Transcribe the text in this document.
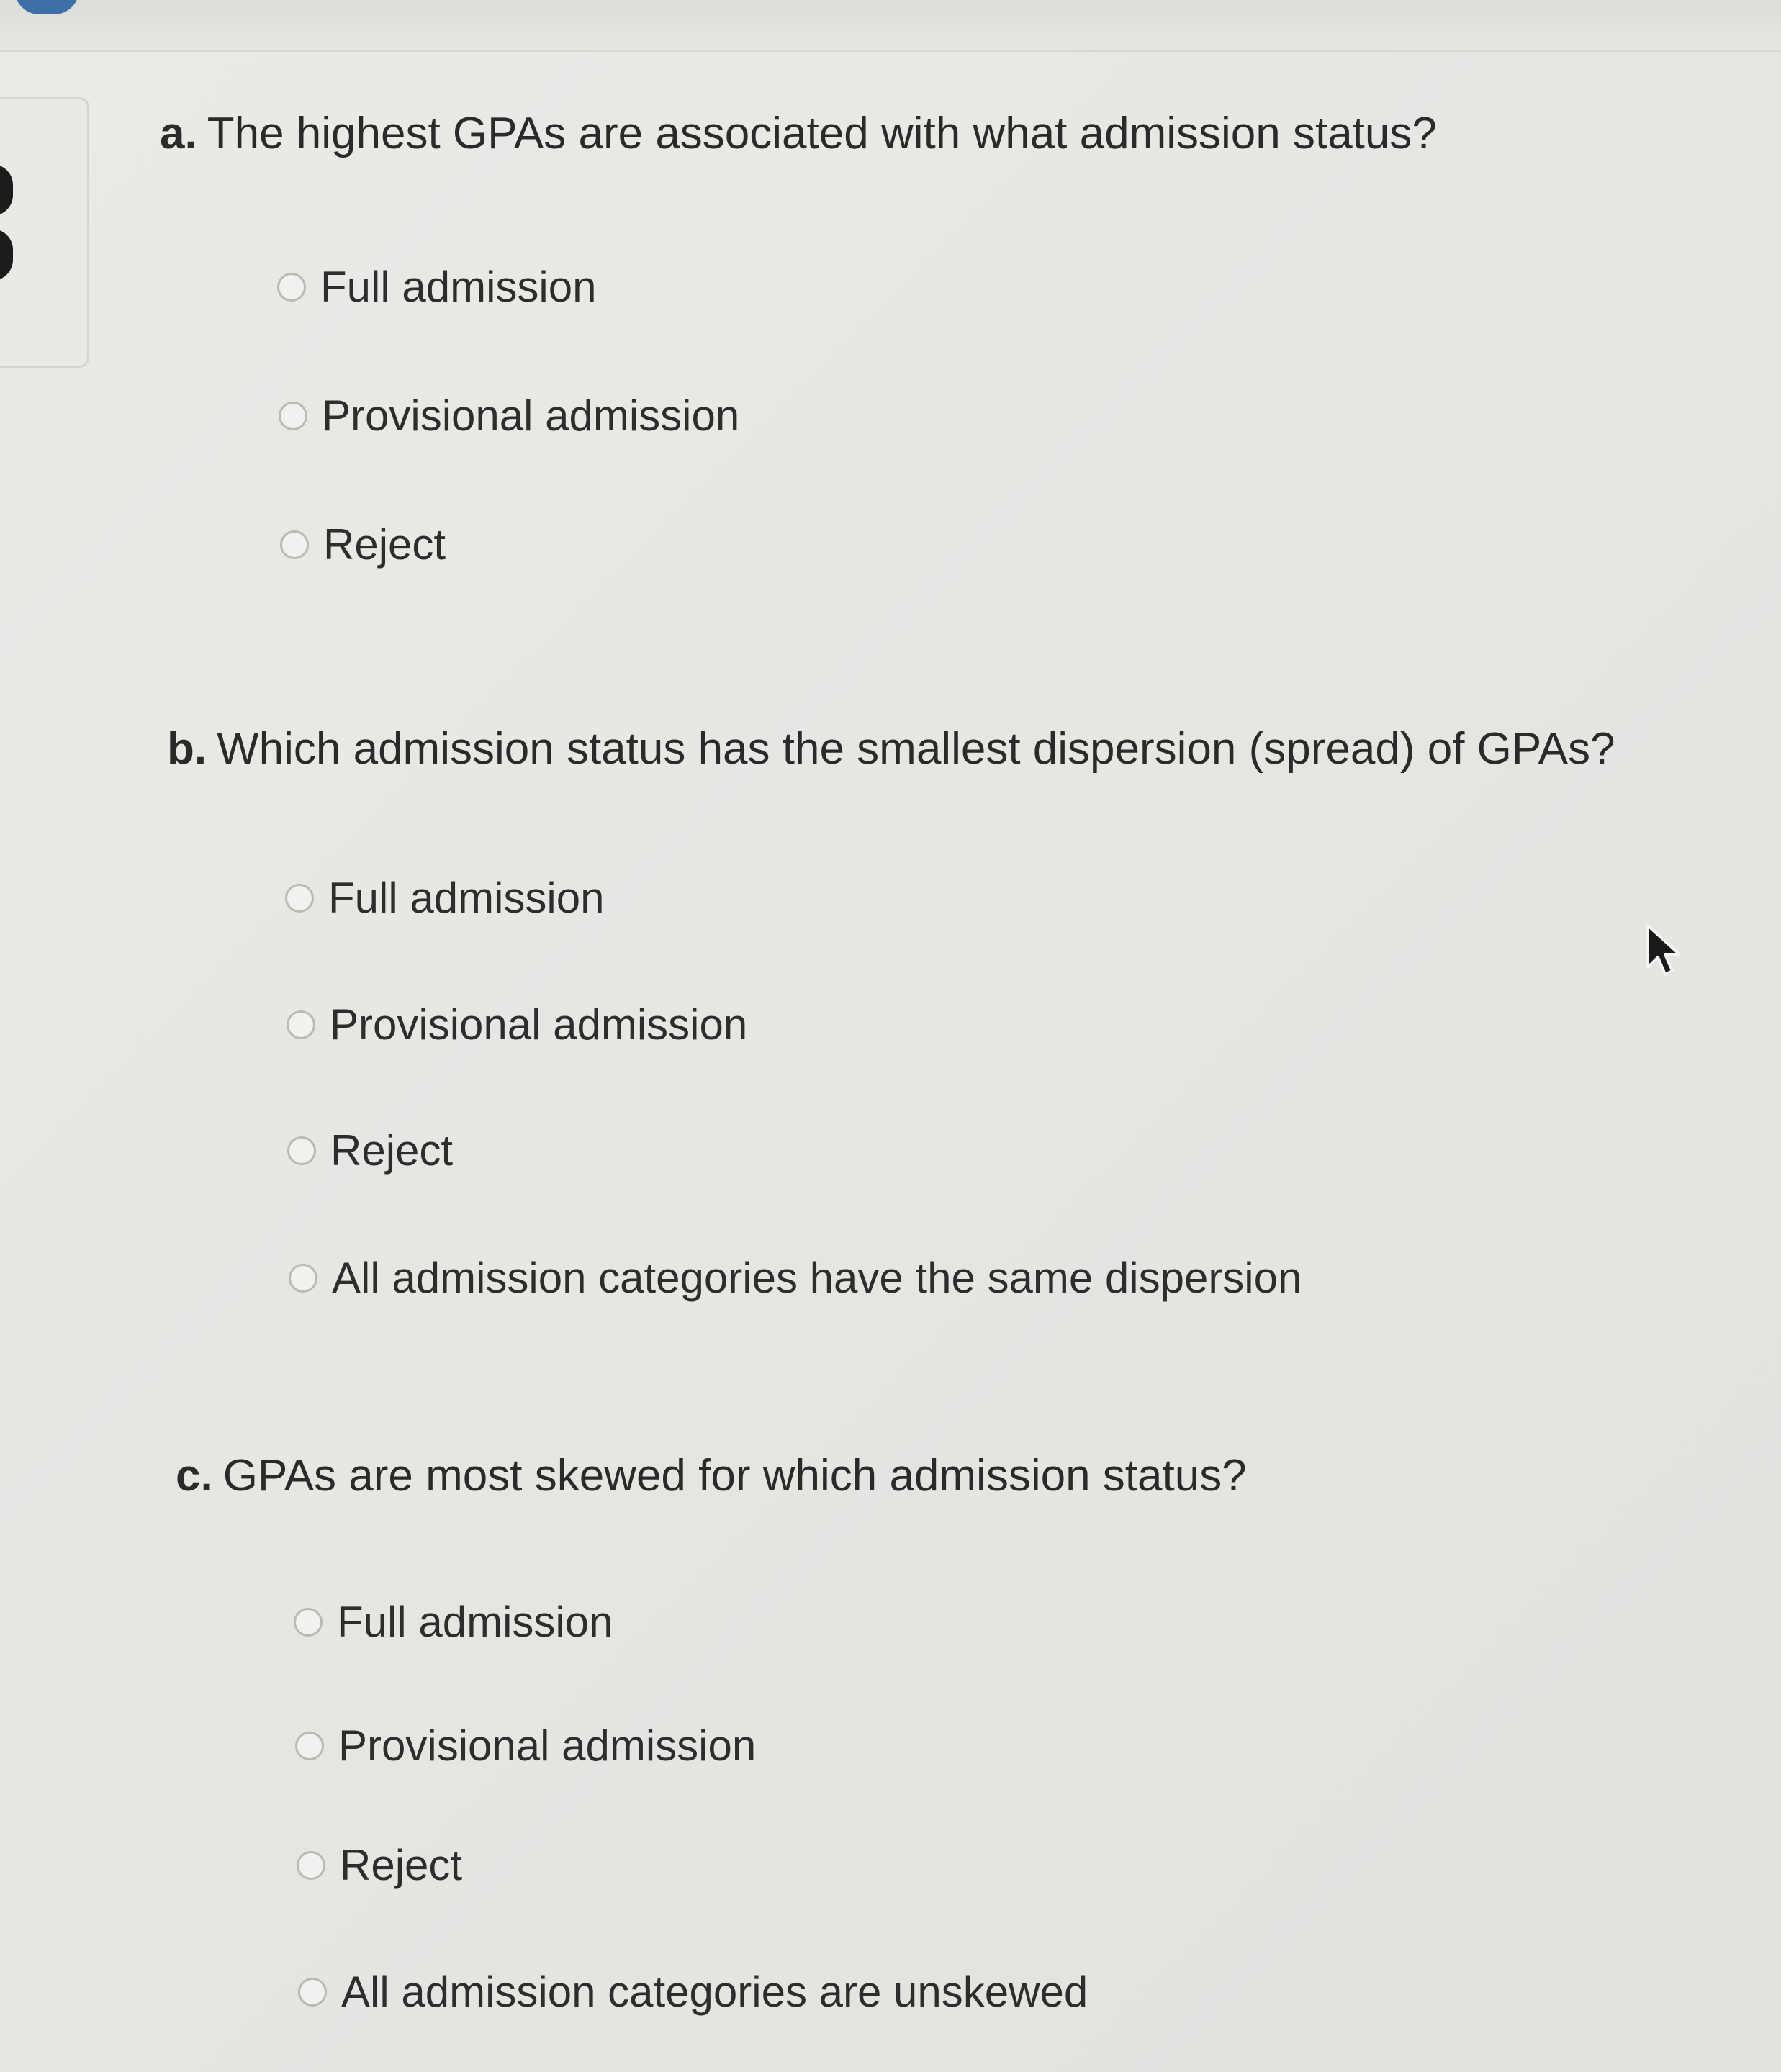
a. The highest GPAs are associated with what admission status?
Full admission
Provisional admission
Reject
b. Which admission status has the smallest dispersion (spread) of GPAs?
Full admission
Provisional admission
Reject
All admission categories have the same dispersion
c. GPAs are most skewed for which admission status?
Full admission
Provisional admission
Reject
All admission categories are unskewed
